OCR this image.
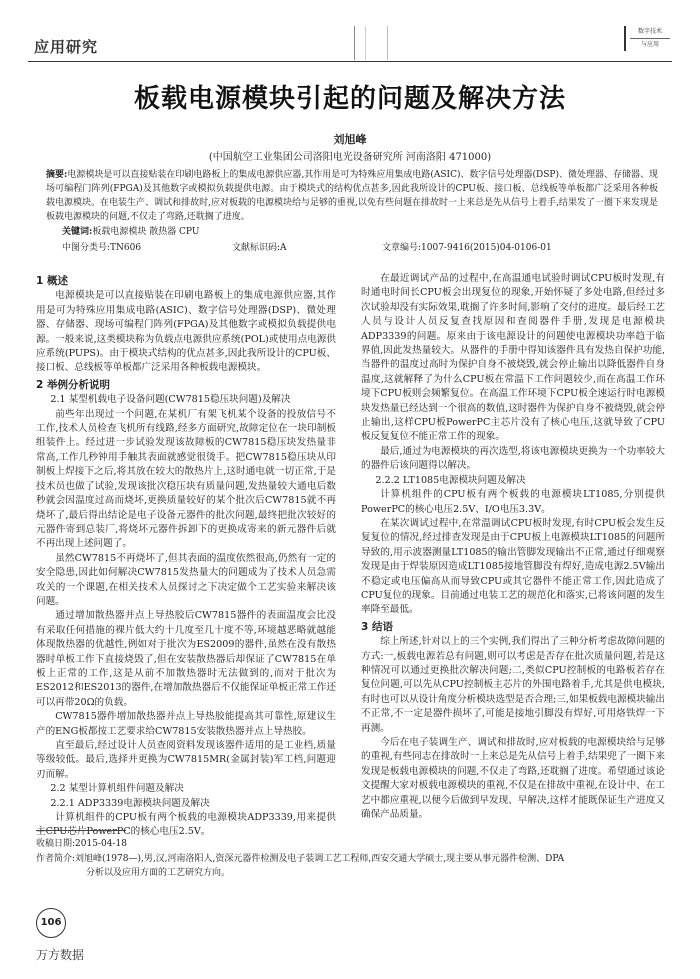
应用研究
数字技术
与应用
板载电源模块引起的问题及解决方法
刘旭峰
(中国航空工业集团公司洛阳电光设备研究所 河南洛阳 471000)
摘要:电源模块是可以直接贴装在印刷电路板上的集成电源供应器,其作用是可为特殊应用集成电路(ASIC)、数字信号处理器(DSP)、微处理器、存储器、现场可编程门阵列(FPGA)及其他数字或模拟负载提供电源。由于模块式的结构优点甚多,因此我所设计的CPU板、接口板、总线板等单板都广泛采用各种板载电源模块。在电装生产、调试和排故时,应对板载的电源模块给与足够的重视,以免有些问题在排故时一上来总是先从信号上着手,结果发了一圈下来发现是板载电源模块的问题,不仅走了弯路,还耽搁了进度。
关键词:板载电源模块 散热器 CPU
中图分类号:TN606	文献标识码:A	文章编号:1007-9416(2015)04-0106-01
1 概述

电源模块是可以直接贴装在印刷电路板上的集成电源供应器,其作用是可为特殊应用集成电路(ASIC)、数字信号处理器(DSP)、微处理器、存储器、现场可编程门阵列(FPGA)及其他数字或模拟负载提供电源。一般来说,这类模块称为负载点电源供应系统(POL)或使用点电源供应系统(PUPS)。由于模块式结构的优点甚多,因此我所设计的CPU板、接口板、总线板等单板都广泛采用各种板载电源模块。

2 举例分析说明
2.1 某型机载电子设备问题(CW7815稳压块问题)及解决

前些年出现过一个问题,在某机厂有架飞机某个设备的投放信号不工作,技术人员检查飞机所有线路,经多方面研究,故障定位在一块印制板组装件上。经过进一步试验发现该故障板的CW7815稳压块发热量非常高,工作几秒钟用手触其表面就感觉很烫手。把CW7815稳压块从印制板上焊接下之后,将其放在较大的散热片上,这时通电就一切正常,于是技术员也做了试验,发现该批次稳压块有质量问题,发热量较大通电后数秒就会因温度过高而烧坏,更换质量较好的某个批次后CW7815就不再烧坏了,最后得出结论是电子设备元器件的批次问题,最终把批次较好的元器件寄到总装厂,将烧坏元器件拆卸下的更换成寄来的新元器件后就不再出现上述问题了。

虽然CW7815不再烧坏了,但其表面的温度依然很高,仍然有一定的安全隐患,因此如何解决CW7815发热量大的问题成为了技术人员急需攻关的一个课题,在相关技术人员探讨之下决定做个工艺实验来解决该问题。

通过增加散热器并点上导热胶后CW7815器件的表面温度会比没有采取任何措施的裸片低大约十几度至几十度不等,环境越恶略就越能体现散热器的优越性,例如对于批次为ES2009的器件,虽然在没有散热器时单板工作下直接烧毁了,但在安装散热器后却保证了CW7815在单板上正常的工作,这是从前不加散热器时无法做到的,而对于批次为ES2012和ES2013的器件,在增加散热器后不仅能保证单板正常工作还可以再带20Ω的负载。

CW7815器件增加散热器并点上导热胶能提高其可靠性,原建议生产的ENG板都按工艺要求给CW7815安装散热器并点上导热胶。

直至最后,经过设计人员查阅资料发现该器件适用的是工业档,质量等级较低。最后,选择并更换为CW7815MR(金属封装)军工档,问题迎刃而解。

2.2 某型计算机组件问题及解决
2.2.1 ADP3339电源模块问题及解决

计算机组件的CPU板有两个板载的电源模块ADP3339,用来提供主CPU芯片PowerPC的核心电压2.5V。

在最近调试产品的过程中,在高温通电试验时调试CPU板时发现,有时通电时间长CPU板会出现复位的现象,开始怀疑了多处电路,但经过多次试验却没有实际效果,耽搁了许多时间,影响了交付的进度。最后经工艺人员与设计人员反复查找原因和查阅器件手册,发现是电源模块ADP3339的问题。原来由于该电源设计的问题使电源模块功率趋于临界值,因此发热量较大。从器件的手册中得知该器件具有发热自保护功能,当器件的温度过高时为保护自身不被烧毁,就会停止输出以降低器件自身温度,这就解释了为什么CPU板在常温下工作问题较少,而在高温工作环境下CPU板则会频繁复位。在高温工作环境下CPU板全速运行时电源模块发热量已经达到一个很高的数值,这时器件为保护自身不被烧毁,就会停止输出,这样CPU板PowerPC主芯片没有了核心电压,这就导致了CPU板反复复位不能正常工作的现象。

最后,通过为电源模块的再次选型,将该电源模块更换为一个功率较大的器件后该问题得以解决。

2.2.2 LT1085电源模块问题及解决

计算机组件的CPU板有两个板载的电源模块LT1085,分别提供PowerPC的核心电压2.5V、I/O电压3.3V。

在某次调试过程中,在常温调试CPU板时发现,有时CPU板会发生反复复位的情况,经过排查发现是由于CPU板上电源模块LT1085的问题所导致的,用示波器测量LT1085的输出管脚发现输出不正常,通过仔细观察发现是由于焊装原因造成LT1085接地管脚没有焊好,造成电源2.5V输出不稳定或电压偏高从而导致CPU或其它器件不能正常工作,因此造成了CPU复位的现象。目前通过电装工艺的规范化和落实,已将该问题的发生率降至最低。

3 结语

综上所述,针对以上的三个实例,我们得出了三种分析考虑故障问题的方式:一,板载电源若总有问题,则可以考虑是否存在批次质量问题,若是这种情况可以通过更换批次解决问题;二,类似CPU控制板的电路板若存在复位问题,可以先从CPU控制板主芯片的外围电路着手,尤其是供电模块,有时也可以从设计角度分析模块选型是否合理;三,如果板载电源模块输出不正常,不一定是器件损坏了,可能是接地引脚没有焊好,可用烙铁焊一下再测。

今后在电子装调生产、调试和排故时,应对板载的电源模块给与足够的重视,有些同志在排故时一上来总是先从信号上着手,结果兜了一圈下来发现是板载电源模块的问题,不仅走了弯路,还耽搁了进度。希望通过该论文提醒大家对板载电源模块的重视,不仅是在排故中重视,在设计中、在工艺中都应重视,以便今后做到早发现、早解决,这样才能既保证生产进度又确保产品质量。

收稿日期:2015-04-18
作者简介:刘旭峰(1978—),男,汉,河南洛阳人,资深元器件检测及电子装调工艺工程师,西安交通大学硕士,现主要从事元器件检测、DPA
分析以及应用方面的工艺研究方向。
106
万方数据
